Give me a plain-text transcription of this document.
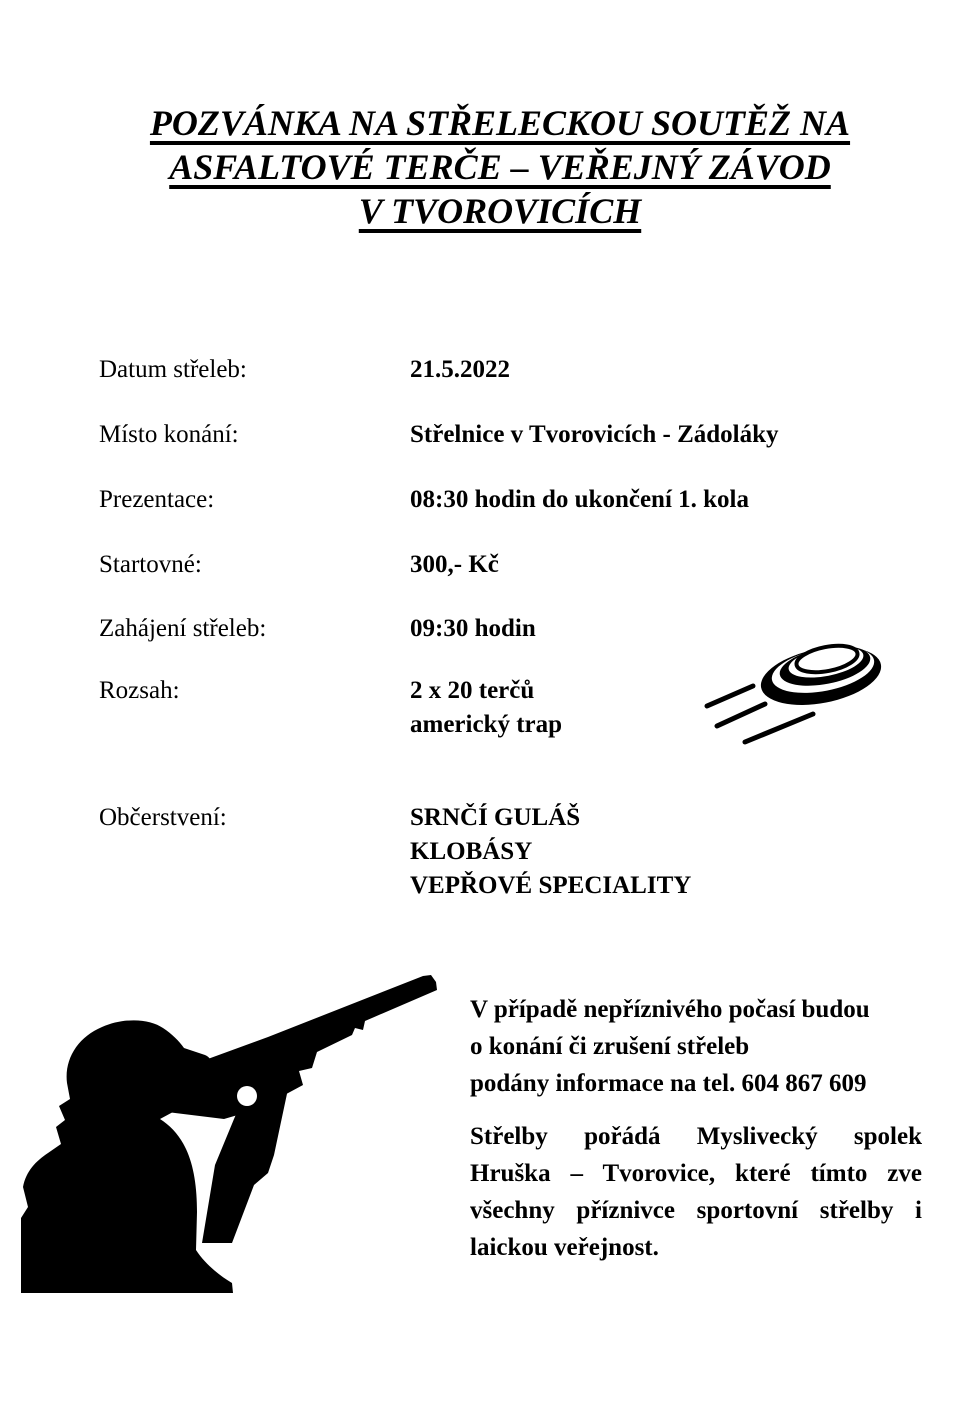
POZVÁNKA NA STŘELECKOU SOUTĚŽ NA
ASFALTOVÉ TERČE – VEŘEJNÝ ZÁVOD
V TVOROVICÍCH
Datum střeleb:	21.5.2022
Místo konání:	Střelnice v Tvorovicích - Zádoláky
Prezentace:	08:30 hodin do ukončení 1. kola
Startovné:	300,- Kč
Zahájení střeleb:	09:30 hodin
Rozsah:	2 x 20 terčů
americký trap
Občerstvení:	SRNČÍ GULÁŠ
KLOBÁSY
VEPŘOVÉ SPECIALITY
V případě nepříznivého počasí budou
o konání či zrušení střeleb
podány informace na tel. 604 867 609
Střelby pořádá Myslivecký spolek
Hruška – Tvorovice, které tímto zve
všechny příznivce sportovní střelby i
laickou veřejnost.
